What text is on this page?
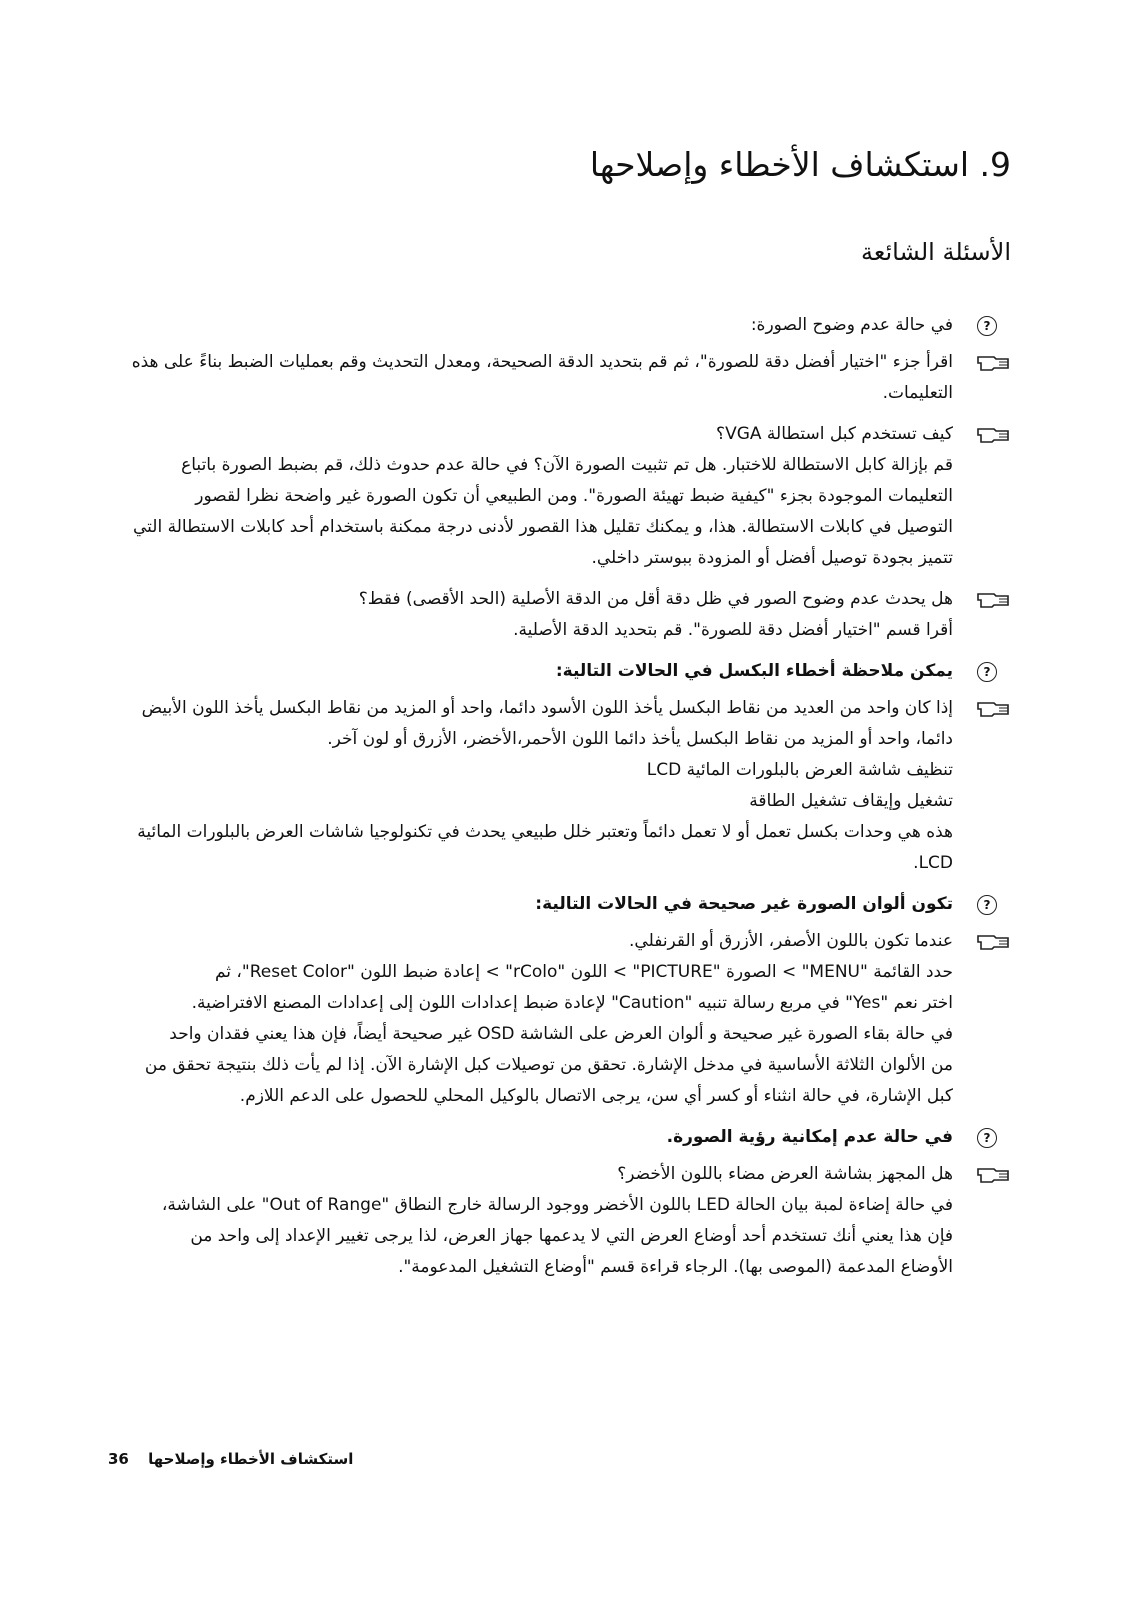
9. استكشاف الأخطاء وإصلاحها
الأسئلة الشائعة

?
في حالة عدم وضوح الصورة:

اقرأ جزء "اختيار أفضل دقة للصورة"، ثم قم بتحديد الدقة الصحيحة، ومعدل التحديث وقم بعمليات الضبط بناءً على هذه
التعليمات.
كيف تستخدم كبل استطالة VGA؟
قم بإزالة كابل الاستطالة للاختبار. هل تم تثبيت الصورة الآن؟ في حالة عدم حدوث ذلك، قم بضبط الصورة باتباع
التعليمات الموجودة بجزء "كيفية ضبط تهيئة الصورة". ومن الطبيعي أن تكون الصورة غير واضحة نظرا لقصور
التوصيل في كابلات الاستطالة. هذا، و يمكنك تقليل هذا القصور لأدنى درجة ممكنة باستخدام أحد كابلات الاستطالة التي
تتميز بجودة توصيل أفضل أو المزودة ببوستر داخلي.
هل يحدث عدم وضوح الصور في ظل دقة أقل من الدقة الأصلية (الحد الأقصى) فقط؟
أقرا قسم "اختيار أفضل دقة للصورة". قم بتحديد الدقة الأصلية.

?
يمكن ملاحظة أخطاء البكسل في الحالات التالية:

إذا كان واحد من العديد من نقاط البكسل يأخذ اللون الأسود دائما، واحد أو المزيد من نقاط البكسل يأخذ اللون الأبيض
دائما، واحد أو المزيد من نقاط البكسل يأخذ دائما اللون الأحمر،الأخضر، الأزرق أو لون آخر.
تنظيف شاشة العرض بالبلورات المائية LCD
تشغيل وإيقاف تشغيل الطاقة
هذه هي وحدات بكسل تعمل أو لا تعمل دائماً وتعتبر خلل طبيعي يحدث في تكنولوجيا شاشات العرض بالبلورات المائية
LCD.

?
تكون ألوان الصورة غير صحيحة في الحالات التالية:

عندما تكون باللون الأصفر، الأزرق أو القرنفلي.
حدد القائمة "MENU" > الصورة "PICTURE" > اللون "rColo" > إعادة ضبط اللون "Reset Color"، ثم
اختر نعم "Yes" في مربع رسالة تنبيه "Caution" لإعادة ضبط إعدادات اللون إلى إعدادات المصنع الافتراضية.
في حالة بقاء الصورة غير صحيحة و ألوان العرض على الشاشة OSD غير صحيحة أيضاً، فإن هذا يعني فقدان واحد
من الألوان الثلاثة الأساسية في مدخل الإشارة. تحقق من توصيلات كبل الإشارة الآن. إذا لم يأت ذلك بنتيجة تحقق من
كبل الإشارة، في حالة انثناء أو كسر أي سن، يرجى الاتصال بالوكيل المحلي للحصول على الدعم اللازم.

?
في حالة عدم إمكانية رؤية الصورة.

هل المجهز بشاشة العرض مضاء باللون الأخضر؟
في حالة إضاءة لمبة بيان الحالة LED باللون الأخضر ووجود الرسالة خارج النطاق "Out of Range" على الشاشة،
فإن هذا يعني أنك تستخدم أحد أوضاع العرض التي لا يدعمها جهاز العرض، لذا يرجى تغيير الإعداد إلى واحد من
الأوضاع المدعمة (الموصى بها). الرجاء قراءة قسم "أوضاع التشغيل المدعومة".
36 استكشاف الأخطاء وإصلاحها
